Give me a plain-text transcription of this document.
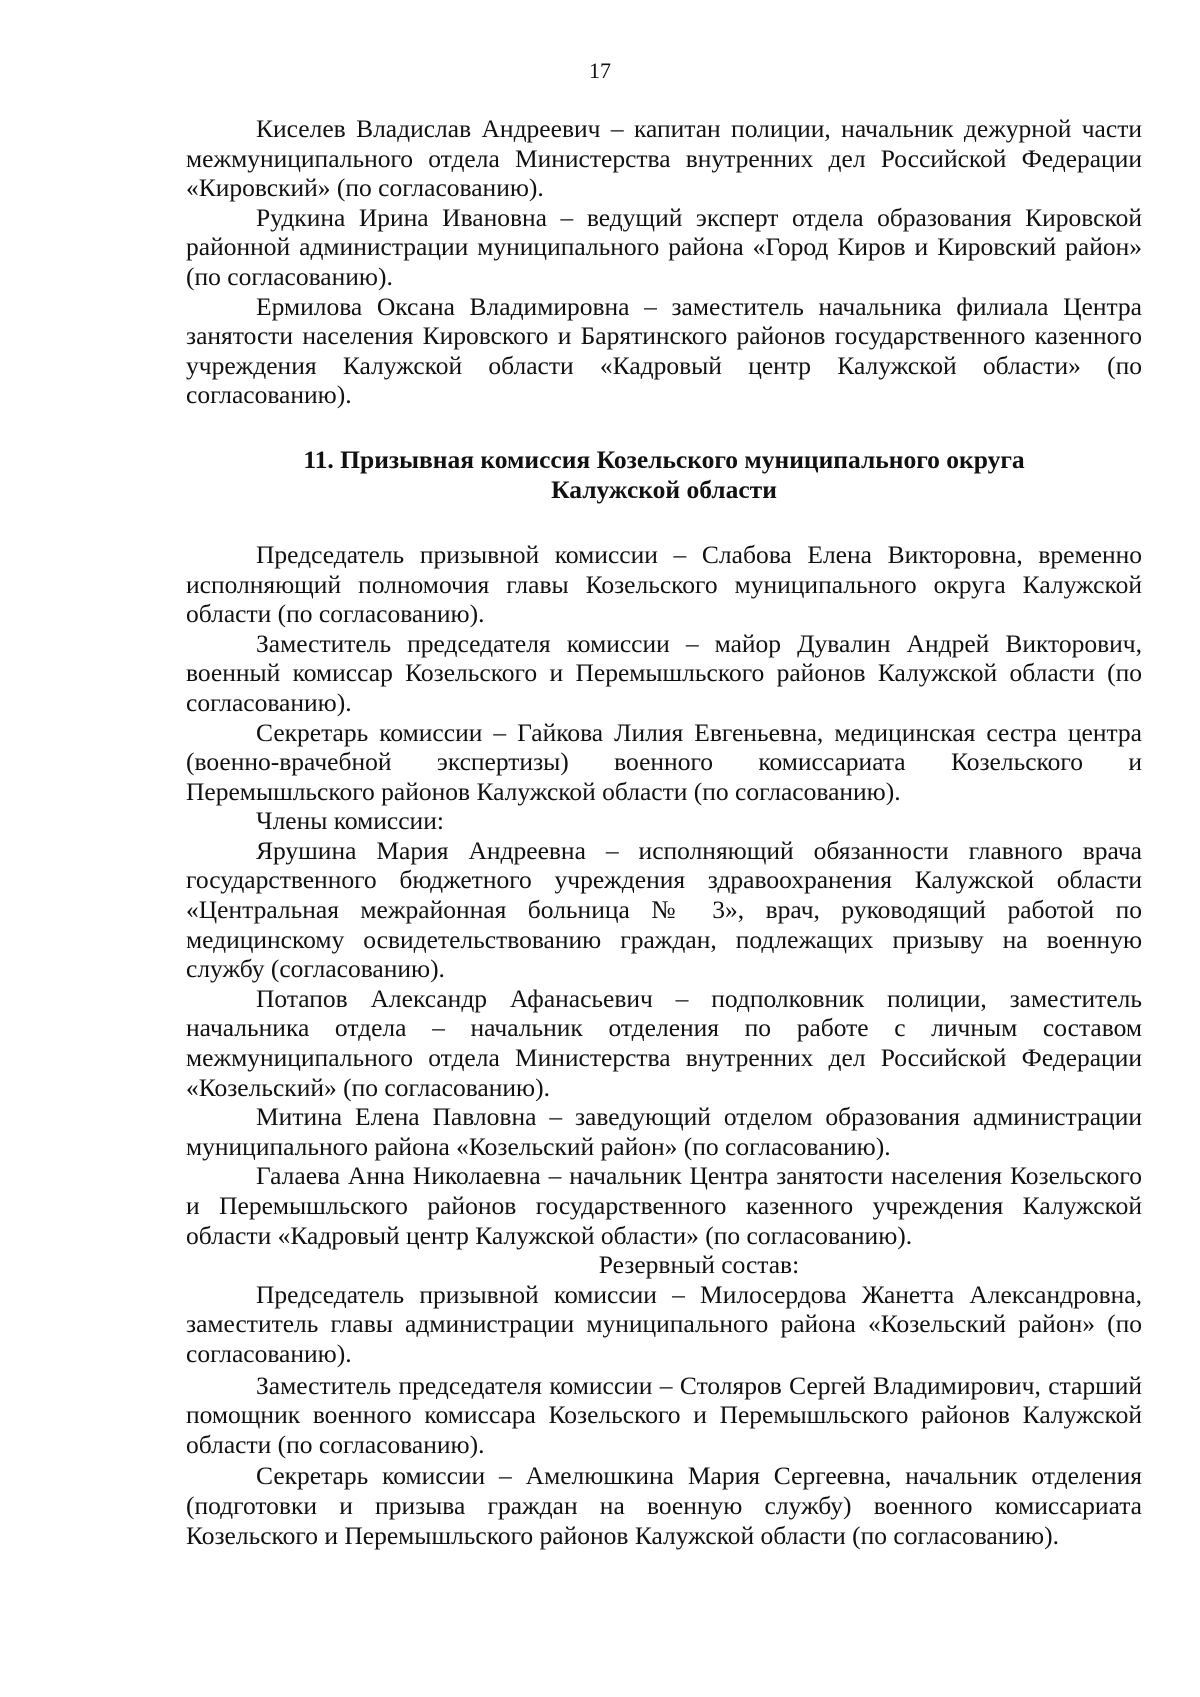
17

Киселев Владислав Андреевич – капитан полиции, начальник дежурной части межмуниципального отдела Министерства внутренних дел Российской Федерации «Кировский» (по согласованию).

Рудкина Ирина Ивановна – ведущий эксперт отдела образования Кировской районной администрации муниципального района «Город Киров и Кировский район» (по согласованию).

Ермилова Оксана Владимировна – заместитель начальника филиала Центра занятости населения Кировского и Барятинского районов государственного казенного учреждения Калужской области «Кадровый центр Калужской области» (по согласованию).

11. Призывная комиссия Козельского муниципального округа
Калужской области

Председатель призывной комиссии – Слабова Елена Викторовна, временно исполняющий полномочия главы Козельского муниципального округа Калужской области (по согласованию).

Заместитель председателя комиссии – майор Дувалин Андрей Викторович, военный комиссар Козельского и Перемышльского районов Калужской области (по согласованию).

Секретарь комиссии – Гайкова Лилия Евгеньевна, медицинская сестра центра (военно-врачебной экспертизы) военного комиссариата Козельского и Перемышльского районов Калужской области (по согласованию).

Члены комиссии:

Ярушина Мария Андреевна – исполняющий обязанности главного врача государственного бюджетного учреждения здравоохранения Калужской области «Центральная межрайонная больница № 3», врач, руководящий работой по медицинскому освидетельствованию граждан, подлежащих призыву на военную службу (согласованию).

Потапов Александр Афанасьевич – подполковник полиции, заместитель начальника отдела – начальник отделения по работе с личным составом межмуниципального отдела Министерства внутренних дел Российской Федерации «Козельский» (по согласованию).

Митина Елена Павловна – заведующий отделом образования администрации муниципального района «Козельский район» (по согласованию).

Галаева Анна Николаевна – начальник Центра занятости населения Козельского и Перемышльского районов государственного казенного учреждения Калужской области «Кадровый центр Калужской области» (по согласованию).

Резервный состав:

Председатель призывной комиссии – Милосердова Жанетта Александровна, заместитель главы администрации муниципального района «Козельский район» (по согласованию).

Заместитель председателя комиссии – Столяров Сергей Владимирович, старший помощник военного комиссара Козельского и Перемышльского районов Калужской области (по согласованию).

Секретарь комиссии – Амелюшкина Мария Сергеевна, начальник отделения (подготовки и призыва граждан на военную службу) военного комиссариата Козельского и Перемышльского районов Калужской области (по согласованию).
